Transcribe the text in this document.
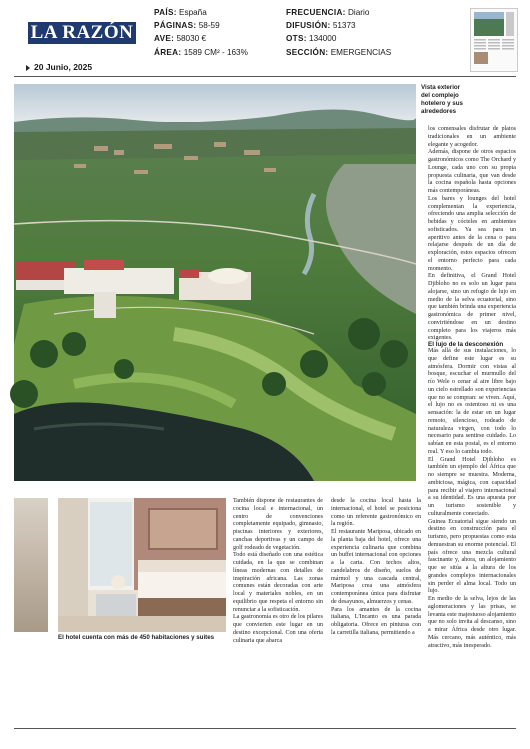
LA RAZÓN
PAÍS: España
PÁGINAS: 58-59
AVE: 58030 €
ÁREA: 1589 CM² - 163%
FRECUENCIA: Diario
DIFUSIÓN: 51373
OTS: 134000
SECCIÓN: EMERGENCIAS
20 Junio, 2025
Vista exterior
del complejo
hotelero y sus
alrededores
los comensales disfrutar de platos tradicionales en un ambiente elegante y acogedor.
Además, dispone de otros espacios gastronómicos como The Orchard y Lounge, cada uno con su propia propuesta culinaria, que van desde la cocina española hasta opciones más contemporáneas.
Los bares y lounges del hotel complementan la experiencia, ofreciendo una amplia selección de bebidas y cócteles en ambientes sofisticados. Ya sea para un aperitivo antes de la cena o para relajarse después de un día de exploración, estos espacios ofrecen el entorno perfecto para cada momento.
En definitiva, el Grand Hotel Djibloho no es solo un lugar para alojarse, sino un refugio de lujo en medio de la selva ecuatorial, sino que también brinda una experiencia gastronómica de primer nivel, convirtiéndose en un destino completo para los viajeros más exigentes.
El lujo de la desconexión
Más allá de sus instalaciones, lo que define este lugar es su atmósfera. Dormir con vistas al bosque, escuchar el murmullo del río Wele o cenar al aire libre bajo un cielo estrellado son experiencias que no se compran: se viven. Aquí, el lujo no es ostentoso ni es una sensación: la de estar en un lugar remoto, silencioso, rodeado de naturaleza virgen, con todo lo necesario para sentirse cuidado. Lo sabían en esta postal, es el entorno real. Y eso lo cambia todo.
El Grand Hotel Djibloho es también un ejemplo del África que no siempre se muestra. Moderna, ambiciosa, mágica, con capacidad para recibir al viajero internacional a su identidad. Es una apuesta por un turismo sostenible y culturalmente conectado.
Guinea Ecuatorial sigue siendo un destino en construcción para el turismo, pero propuestas como esta demuestran su enorme potencial. El país ofrece una mezcla cultural fascinante y, ahora, un alojamiento que se sitúa a la altura de los grandes complejos internacionales sin perder el alma local. Todo un lujo.
En medio de la selva, lejos de las aglomeraciones y las prisas, se levanta este majestuoso alojamiento que no solo invita al descanso, sino a mirar África desde otro lugar. Más cercano, más auténtico, más atractivo, más inesperado.
El hotel cuenta con más de 450 habitaciones y suites
También dispone de restaurantes de cocina local e internacional, un centro de convenciones completamente equipado, gimnasio, piscinas interiores y exteriores, canchas deportivas y un campo de golf rodeado de vegetación.
Todo está diseñado con una estética cuidada, en la que se combinan líneas modernas con detalles de inspiración africana. Las zonas comunes están decoradas con arte local y materiales nobles, en un equilibrio que respeta el entorno sin renunciar a la sofisticación.
La gastronomía es otro de los pilares que convierten este lugar en un destino excepcional. Con una oferta culinaria que abarca
desde la cocina local hasta la internacional, el hotel se posiciona como un referente gastronómico en la región.
El restaurante Mariposa, ubicado en la planta baja del hotel, ofrece una experiencia culinaria que combina un buffet internacional con opciones a la carta. Con techos altos, candelabros de diseño, suelos de mármol y una cascada central, Mariposa crea una atmósfera contemporánea única para disfrutar de desayunos, almuerzos y cenas.
Para los amantes de la cocina italiana, L'Incanto es una parada obligatoria. Ofrece en pinturas con la carretilla italiana, permitiendo a
